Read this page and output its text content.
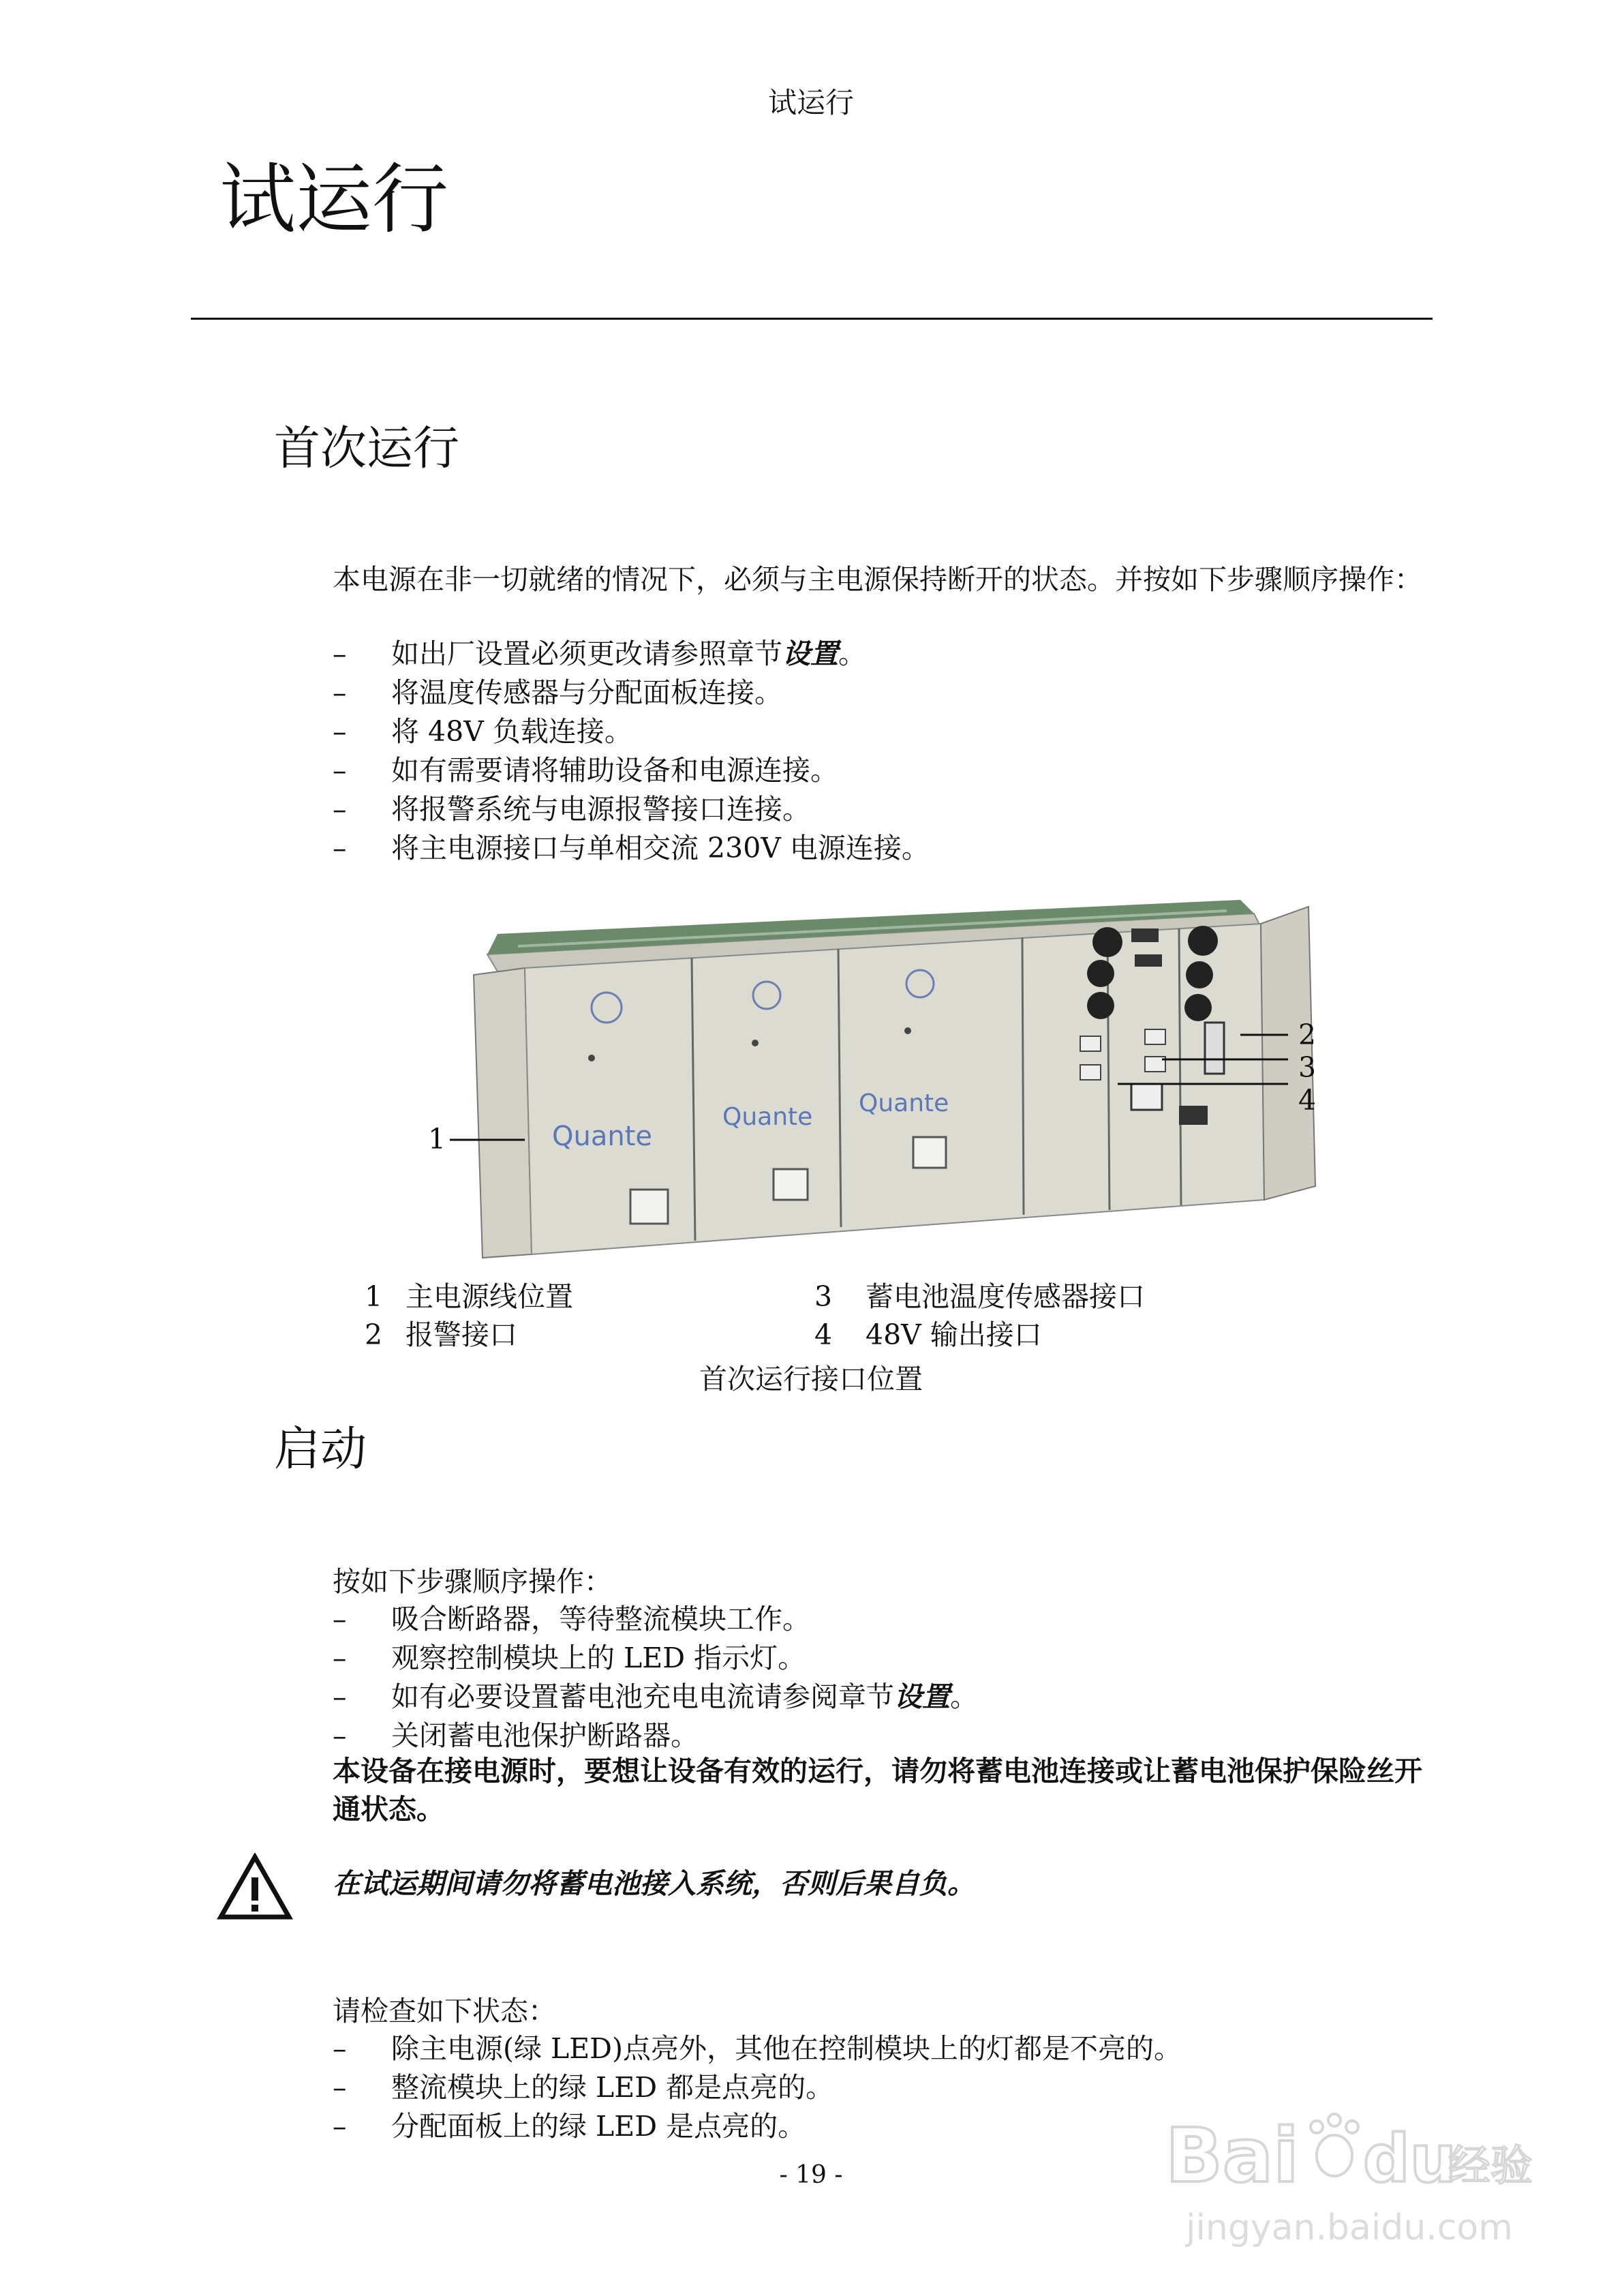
试运行
试运行
首次运行
本电源在非一切就绪的情况下，必须与主电源保持断开的状态。并按如下步骤顺序操作：
– 如出厂设置必须更改请参照章节设置。
– 将温度传感器与分配面板连接。
– 将 48V 负载连接。
– 如有需要请将辅助设备和电源连接。
– 将报警系统与电源报警接口连接。
– 将主电源接口与单相交流 230V 电源连接。
Quante
Quante Quante
1
2
3
4
1 主电源线位置
2 报警接口
3 蓄电池温度传感器接口
4 48V 输出接口
首次运行接口位置
启动
按如下步骤顺序操作：
– 吸合断路器，等待整流模块工作。
– 观察控制模块上的 LED 指示灯。
– 如有必要设置蓄电池充电电流请参阅章节设置。
– 关闭蓄电池保护断路器。
本设备在接电源时，要想让设备有效的运行，请勿将蓄电池连接或让蓄电池保护保险丝开通状态。
在试运期间请勿将蓄电池接入系统，否则后果自负。
请检查如下状态：
– 除主电源(绿 LED)点亮外，其他在控制模块上的灯都是不亮的。
– 整流模块上的绿 LED 都是点亮的。
– 分配面板上的绿 LED 是点亮的。	Bai du
经验
jingyan.baidu.com
- 19 -
